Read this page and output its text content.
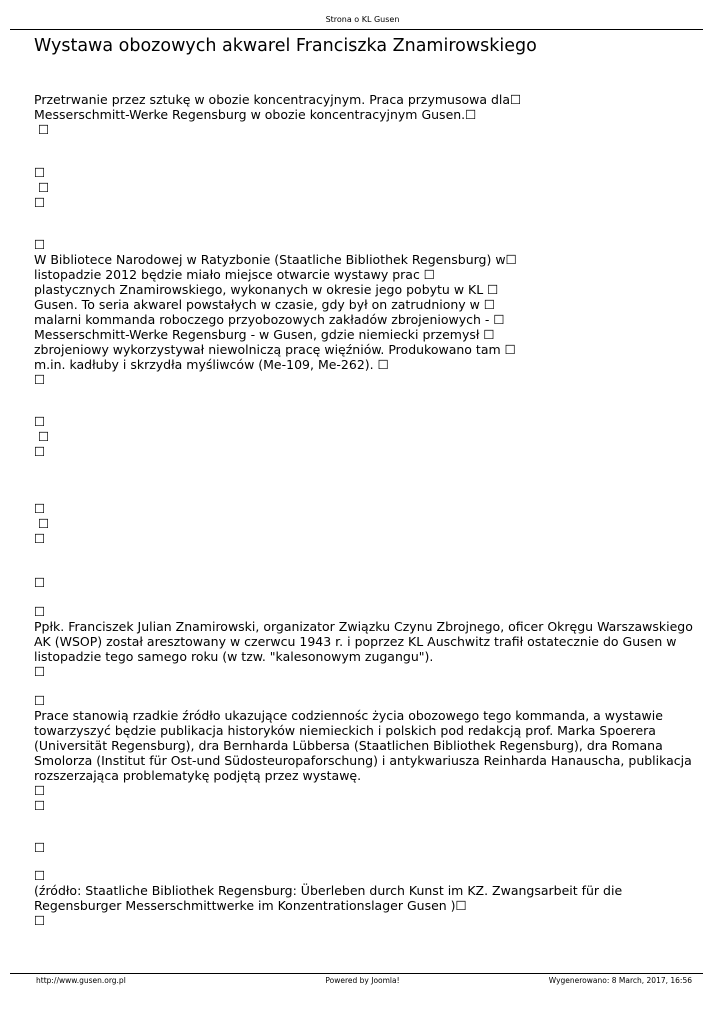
Strona o KL Gusen
Wystawa obozowych akwarel Franciszka Znamirowskiego
Przetrwanie przez sztukę w obozie koncentracyjnym. Praca przymusowa dla☐
Messerschmitt-Werke Regensburg w obozie koncentracyjnym Gusen.☐
☐
☐
☐
☐
☐
W Bibliotece Narodowej w Ratyzbonie (Staatliche Bibliothek Regensburg) w☐
listopadzie 2012 będzie miało miejsce otwarcie wystawy prac ☐
plastycznych Znamirowskiego, wykonanych w okresie jego pobytu w KL ☐
Gusen. To seria akwarel powstałych w czasie, gdy był on zatrudniony w ☐
malarni kommanda roboczego przyobozowych zakładów zbrojeniowych - ☐
Messerschmitt-Werke Regensburg - w Gusen, gdzie niemiecki przemysł ☐
zbrojeniowy wykorzystywał niewolniczą pracę więźniów. Produkowano tam ☐
m.in. kadłuby i skrzydła myśliwców (Me-109, Me-262). ☐
☐
☐
☐
☐
☐
☐
☐
☐
☐
Ppłk. Franciszek Julian Znamirowski, organizator Związku Czynu Zbrojnego, oficer Okręgu Warszawskiego
AK (WSOP) został aresztowany w czerwcu 1943 r. i poprzez KL Auschwitz trafił ostatecznie do Gusen w
listopadzie tego samego roku (w tzw. "kalesonowym zugangu").
☐
☐
Prace stanowią rzadkie źródło ukazujące codziennośc życia obozowego tego kommanda, a wystawie
towarzyszyć będzie publikacja historyków niemieckich i polskich pod redakcją prof. Marka Spoerera
(Universität Regensburg), dra Bernharda Lübbersa (Staatlichen Bibliothek Regensburg), dra Romana
Smolorza (Institut für Ost-und Südosteuropaforschung) i antykwariusza Reinharda Hanauscha, publikacja
rozszerzająca problematykę podjętą przez wystawę.
☐
☐
☐
☐
(źródło: Staatliche Bibliothek Regensburg: Überleben durch Kunst im KZ. Zwangsarbeit für die
Regensburger Messerschmittwerke im Konzentrationslager Gusen )☐
☐
http://www.gusen.org.pl	Powered by Joomla!	Wygenerowano: 8 March, 2017, 16:56
